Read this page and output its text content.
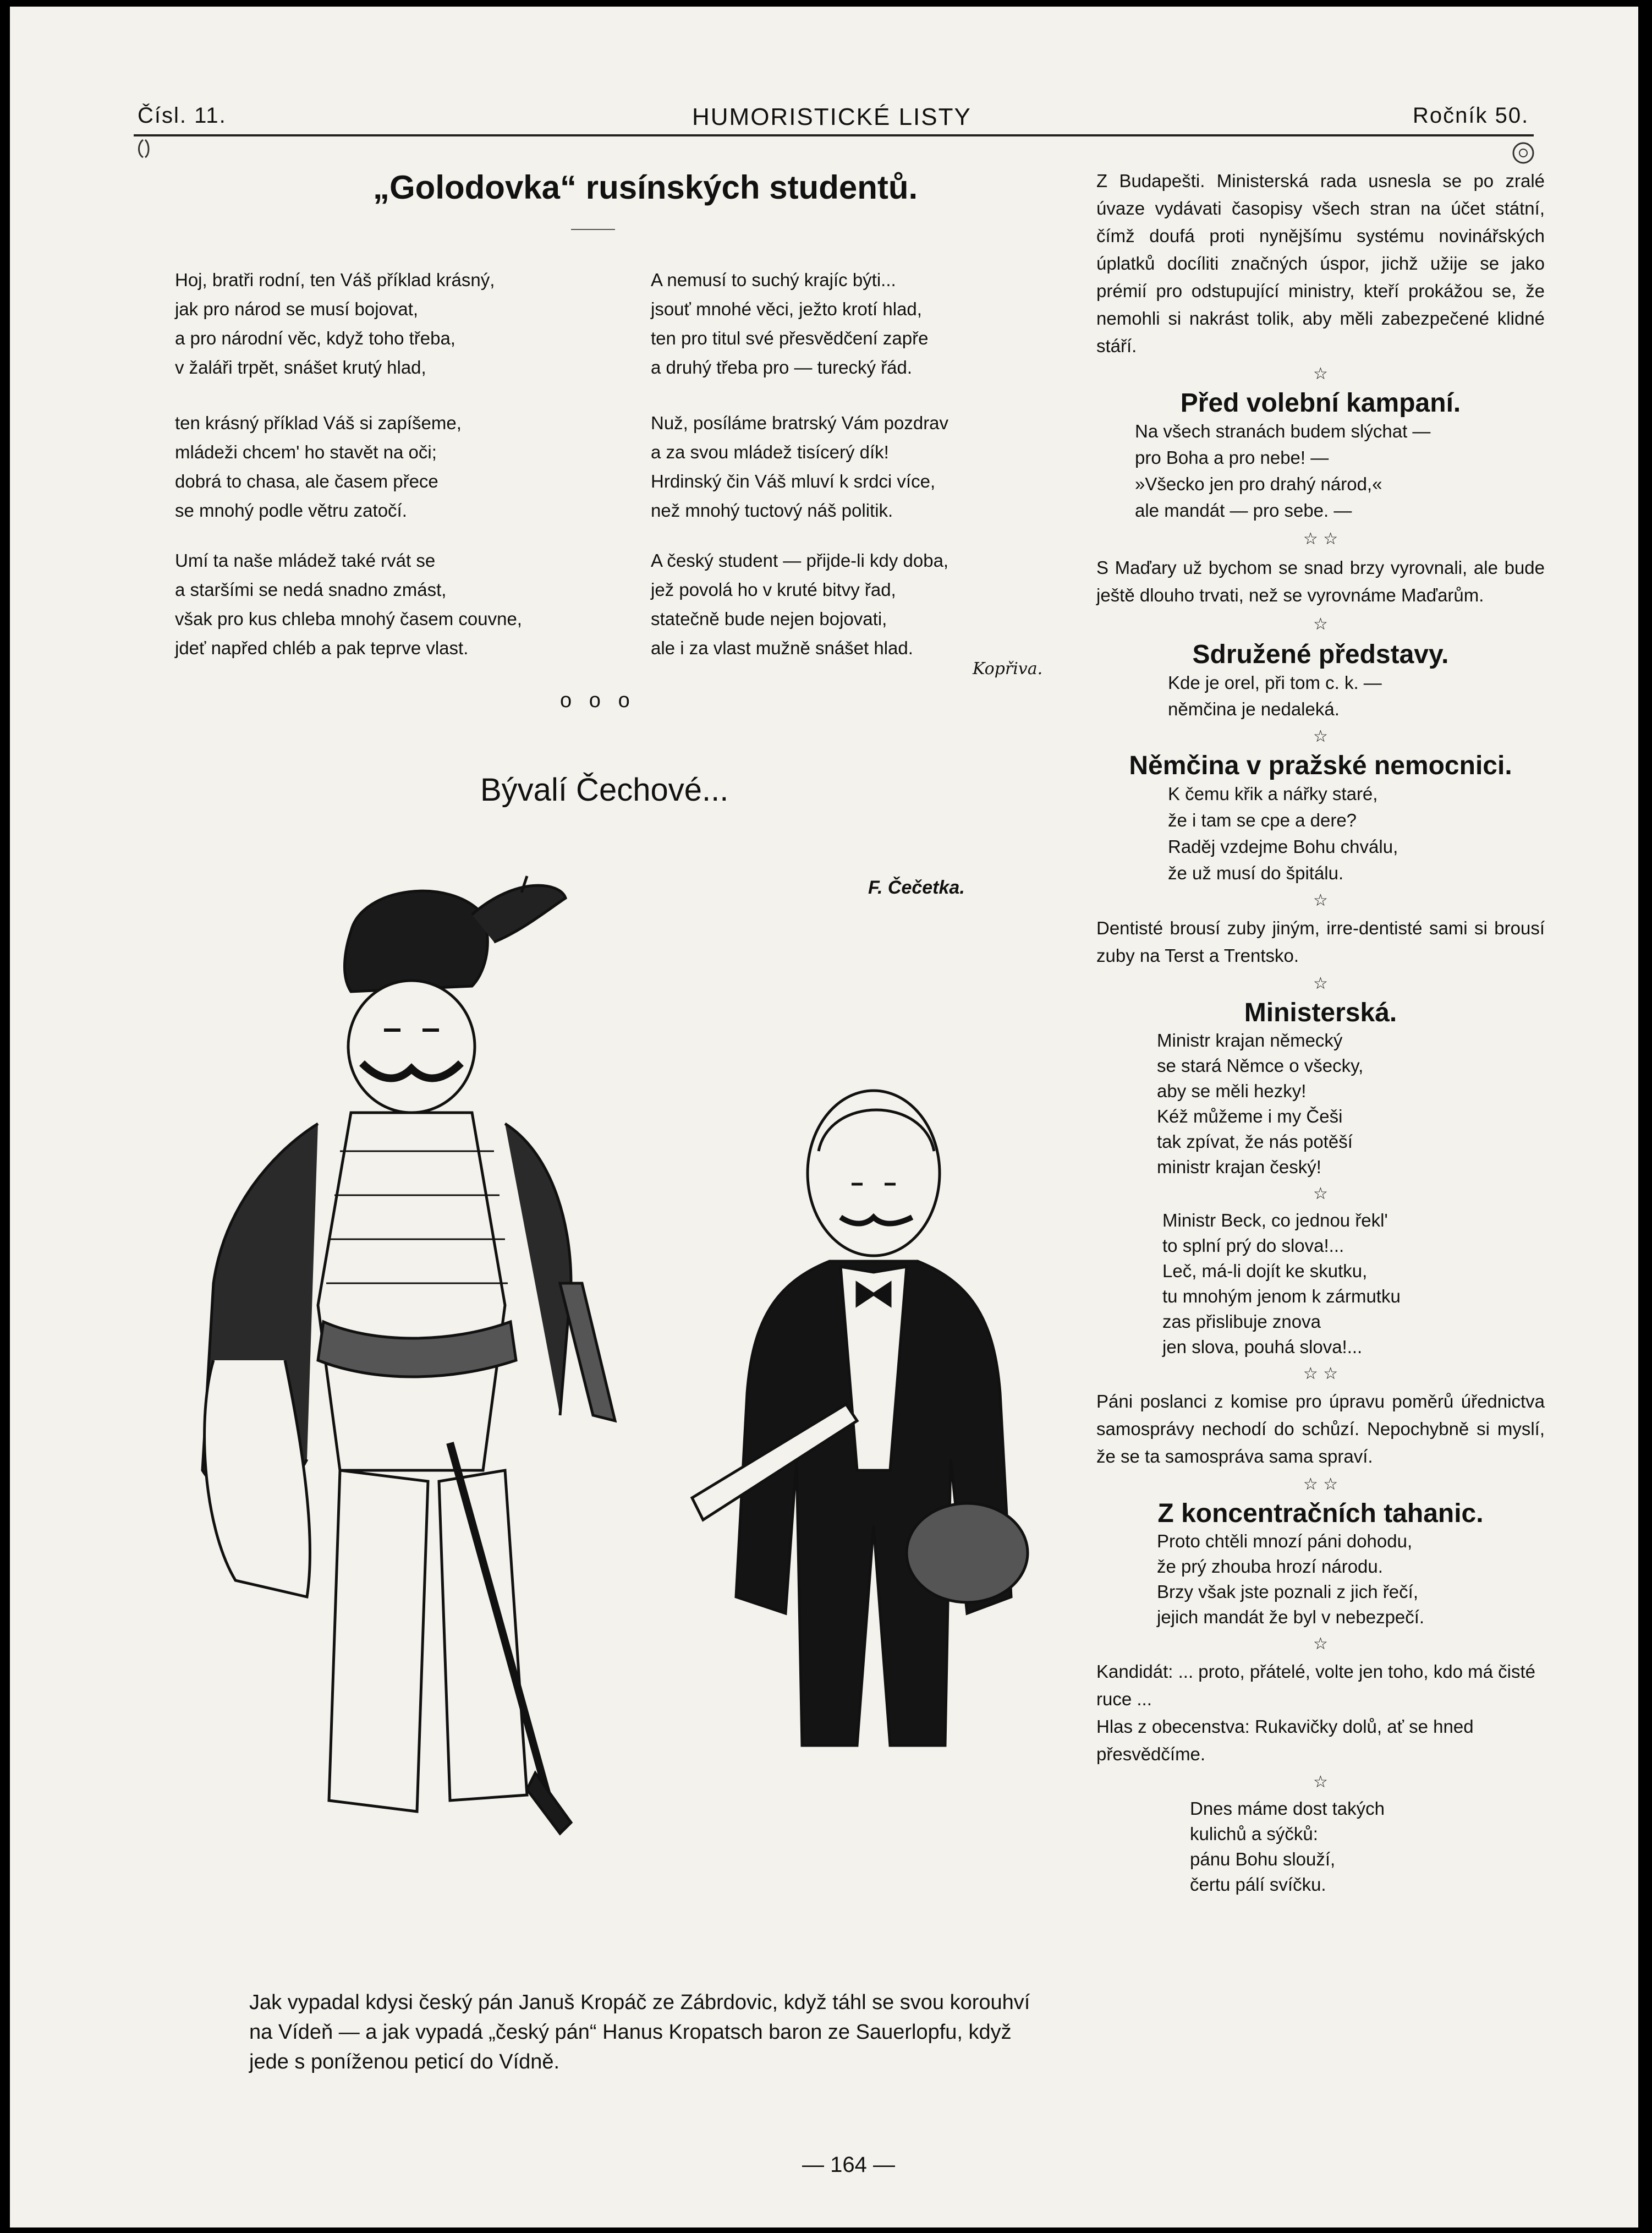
Čísl. 11.	HUMORISTICKÉ LISTY	Ročník 50.
„Golodovka“ rusínských studentů.
Hoj, bratři rodní, ten Váš příklad krásný,
jak pro národ se musí bojovat,
a pro národní věc, když toho třeba,
v žaláři trpět, snášet krutý hlad,
ten krásný příklad Váš si zapíšeme,
mládeži chcem' ho stavět na oči;
dobrá to chasa, ale časem přece
se mnohý podle větru zatočí.
Umí ta naše mládež také rvát se
a staršími se nedá snadno zmást,
však pro kus chleba mnohý časem couvne,
jdeť napřed chléb a pak teprve vlast.
A nemusí to suchý krajíc býti...
jsouť mnohé věci, ježto krotí hlad,
ten pro titul své přesvědčení zapře
a druhý třeba pro — turecký řád.
Nuž, posíláme bratrský Vám pozdrav
a za svou mládež tisícerý dík!
Hrdinský čin Váš mluví k srdci více,
než mnohý tuctový náš politik.
A český student — přijde-li kdy doba,
jež povolá ho v kruté bitvy řad,
statečně bude nejen bojovati,
ale i za vlast mužně snášet hlad.
Kopřiva.
o   o   o
Bývalí Čechové...
F. Čečetka.
Jak vypadal kdysi český pán Januš Kropáč ze Zábrdovic, když táhl se svou korouhví na Vídeň — a jak vypadá „český pán“ Hanus Kropatsch baron ze Sauerlopfu, když jede s poníženou peticí do Vídně.
Z Budapešti. Ministerská rada usnesla se po zralé úvaze vydávati časopisy všech stran na účet státní, čímž doufá proti nynějšímu systému novinářských úplatků docíliti značných úspor, jichž užije se jako prémií pro odstupující ministry, kteří prokážou se, že nemohli si nakrást tolik, aby měli zabezpečené klidné stáří.
☆
Před volební kampaní.
Na všech stranách budem slýchat —
pro Boha a pro nebe! —
»Všecko jen pro drahý národ,«
ale mandát — pro sebe. —
☆ ☆
S Maďary už bychom se snad brzy vyrovnali, ale bude ještě dlouho trvati, než se vyrovnáme Maďarům.
☆
Sdružené představy.
Kde je orel, při tom c. k. —
němčina je nedaleká.
☆
Němčina v pražské nemocnici.
K čemu křik a nářky staré,
že i tam se cpe a dere?
Raděj vzdejme Bohu chválu,
že už musí do špitálu.
☆
Dentisté brousí zuby jiným, irre-dentisté sami si brousí zuby na Terst a Trentsko.
☆
Ministerská.
Ministr krajan německý
se stará Němce o všecky,
aby se měli hezky!
Kéž můžeme i my Češi
tak zpívat, že nás potěší
ministr krajan český!
☆
Ministr Beck, co jednou řekl'
to splní prý do slova!...
Leč, má-li dojít ke skutku,
tu mnohým jenom k zármutku
zas přislibuje znova
jen slova, pouhá slova!...
☆ ☆
Páni poslanci z komise pro úpravu poměrů úřednictva samosprávy nechodí do schůzí. Nepochybně si myslí, že se ta samospráva sama spraví.
☆ ☆
Z koncentračních tahanic.
Proto chtěli mnozí páni dohodu,
že prý zhouba hrozí národu.
Brzy však jste poznali z jich řečí,
jejich mandát že byl v nebezpečí.
☆
Kandidát: ... proto, přátelé, volte jen toho, kdo má čisté ruce ...
Hlas z obecenstva: Rukavičky dolů, ať se hned přesvědčíme.
☆
Dnes máme dost takých
kulichů a sýčků:
pánu Bohu slouží,
čertu pálí svíčku.
— 164 —
